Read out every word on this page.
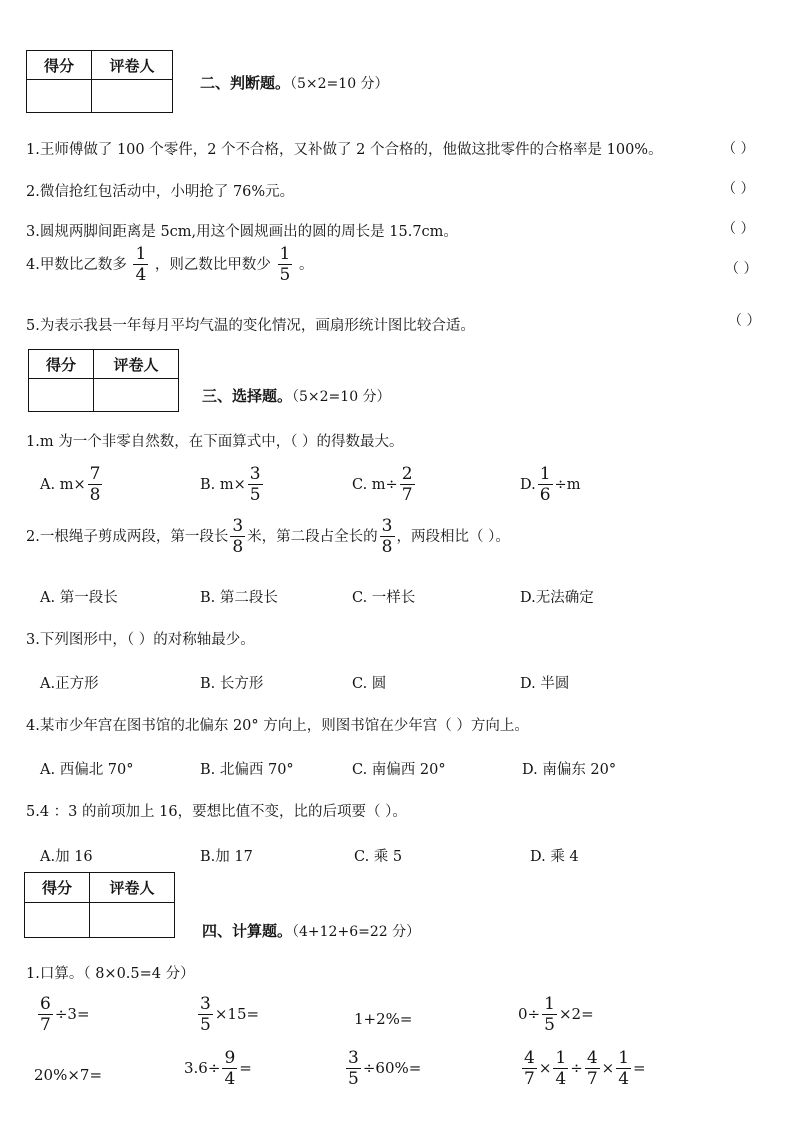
得分	评卷人

二、判断题。（5×2=10 分）
1.王师傅做了 100 个零件，2 个不合格，又补做了 2 个合格的，他做这批零件的合格率是 100%。	（ ）
2.微信抢红包活动中，小明抢了 76%元。	（ ）
3.圆规两脚间距离是 5cm,用这个圆规画出的圆的周长是 15.7cm。	（ ）
4.甲数比乙数多 $\frac{1}{4}$ ，则乙数比甲数少 $\frac{1}{5}$ 。	（ ）
5.为表示我县一年每月平均气温的变化情况，画扇形统计图比较合适。	（ ）
得分	评卷人

三、选择题。（5×2=10 分）
1.m 为一个非零自然数，在下面算式中，（ ）的得数最大。
A. $m\times \frac{7}{8}$	B. $m\times \frac{3}{5}$	C. $m\div \frac{2}{7}$	D. $\frac{1}{6} \div m$
2.一根绳子剪成两段，第一段长 $\frac{3}{8}$ 米，第二段占全长的 $\frac{3}{8}$ ，两段相比（ ）。
A. 第一段长	B. 第二段长	C. 一样长	D.无法确定
3.下列图形中，（ ）的对称轴最少。
A.正方形	B. 长方形	C. 圆	D. 半圆
4.某市少年宫在图书馆的北偏东 20° 方向上，则图书馆在少年宫（ ）方向上。
A. 西偏北 70°	B. 北偏西 70°	C. 南偏西 20°	D. 南偏东 20°
5.4 ：3 的前项加上 16，要想比值不变，比的后项要（ ）。
A.加 16	B.加 17	C. 乘 5	D. 乘 4
得分	评卷人

四、计算题。（4+12+6=22 分）
1.口算。（ 8×0.5=4 分）
$\frac{6}{7} \div 3=$	$\frac{3}{5} \times 15=$	1+2%=	$0\div \frac{1}{5} \times 2=$
20%×7=	$3.6\div \frac{9}{4}$ =	$\frac{3}{5} \div 60\%=$	$\frac{4}{7} \times \frac{1}{4} \div \frac{4}{7} \times \frac{1}{4}$ =
